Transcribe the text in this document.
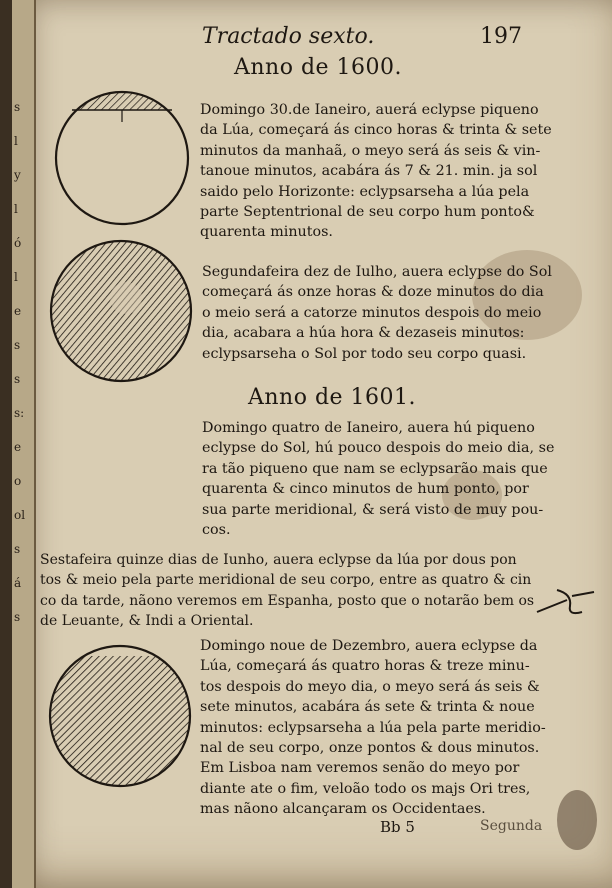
s
l
y
l
ó
l
e
s
s
s:
e
o
ol
s
á
s
Tractado sexto.	197
Anno de 1600.
Domingo 30.de Ianeiro, auerá eclypse piqueno
da Lúa, começará ás cinco horas & trinta & sete
minutos da manhaã, o meyo será ás seis & vin-
tanoue minutos, acabára ás 7 & 21. min. ja sol
saido pelo Horizonte: eclypsarseha a lúa pela
parte Septentrional de seu corpo hum ponto&
quarenta minutos.
Segundafeira dez de Iulho, auera eclypse do Sol
começará ás onze horas & doze minutos do dia
o meio será a catorze minutos despois do meio
dia, acabara a húa hora & dezaseis minutos:
eclypsarseha o Sol por todo seu corpo quasi.
Anno de 1601.
Domingo quatro de Ianeiro, auera hú piqueno
eclypse do Sol, hú pouco despois do meio dia, se
ra tão piqueno que nam se eclypsarão mais que
quarenta & cinco minutos de hum ponto, por
sua parte meridional, & será visto de muy pou-
cos.
Sestafeira quinze dias de Iunho, auera eclypse da lúa por dous pon
tos & meio pela parte meridional de seu corpo, entre as quatro & cin
co da tarde, nãono veremos em Espanha, posto que o notarão bem os
de Leuante, & Indi a Oriental.
Domingo noue de Dezembro, auera eclypse da
Lúa, começará ás quatro horas & treze minu-
tos despois do meyo dia, o meyo será ás seis &
sete minutos, acabára ás sete & trinta & noue
minutos: eclypsarseha a lúa pela parte meridio-
nal de seu corpo, onze pontos & dous minutos.
Em Lisboa nam veremos senão do meyo por
diante ate o fim, veloão todo os majs Ori tres,
mas nãono alcançaram os Occidentaes.
Bb 5	Segunda
